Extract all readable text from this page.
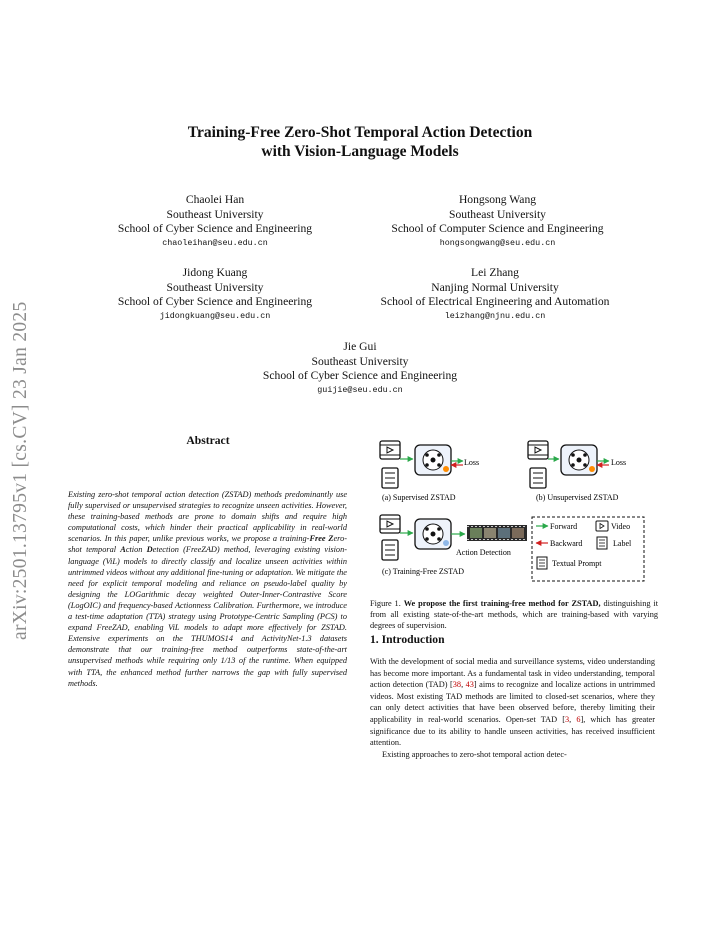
arXiv:2501.13795v1 [cs.CV] 23 Jan 2025
Training-Free Zero-Shot Temporal Action Detection
with Vision-Language Models
Chaolei Han
Southeast University
School of Cyber Science and Engineering
chaoleihan@seu.edu.cn
Hongsong Wang
Southeast University
School of Computer Science and Engineering
hongsongwang@seu.edu.cn
Jidong Kuang
Southeast University
School of Cyber Science and Engineering
jidongkuang@seu.edu.cn
Lei Zhang
Nanjing Normal University
School of Electrical Engineering and Automation
leizhang@njnu.edu.cn
Jie Gui
Southeast University
School of Cyber Science and Engineering
guijie@seu.edu.cn
Abstract
Existing zero-shot temporal action detection (ZSTAD) methods predominantly use fully supervised or unsupervised strategies to recognize unseen activities. However, these training-based methods are prone to domain shifts and require high computational costs, which hinder their practical applicability in real-world scenarios. In this paper, unlike previous works, we propose a training-Free Zero-shot temporal Action Detection (FreeZAD) method, leveraging existing vision-language (ViL) models to directly classify and localize unseen activities within untrimmed videos without any additional fine-tuning or adaptation. We mitigate the need for explicit temporal modeling and reliance on pseudo-label quality by designing the LOGarithmic decay weighted Outer-Inner-Contrastive Score (LogOIC) and frequency-based Actionness Calibration. Furthermore, we introduce a test-time adaptation (TTA) strategy using Prototype-Centric Sampling (PCS) to expand FreeZAD, enabling ViL models to adapt more effectively for ZSTAD. Extensive experiments on the THUMOS14 and ActivityNet-1.3 datasets demonstrate that our training-free method outperforms state-of-the-art unsupervised methods while requiring only 1/13 of the runtime. When equipped with TTA, the enhanced method further narrows the gap with fully supervised methods.
Loss
(a) Supervised ZSTAD
Loss
(b) Unsupervised ZSTAD
Action Detection
(c) Training-Free ZSTAD
Forward
Backward
Video
Label
Textual Prompt
Figure 1. We propose the first training-free method for ZSTAD, distinguishing it from all existing state-of-the-art methods, which are training-based with varying degrees of supervision.
1. Introduction
With the development of social media and surveillance systems, video understanding has become more important. As a fundamental task in video understanding, temporal action detection (TAD) [38, 43] aims to recognize and localize actions in untrimmed videos. Most existing TAD methods are limited to closed-set scenarios, where they can only detect activities that have been observed before, thereby limiting their applicability in real-world scenarios. Open-set TAD [3, 6], which has greater significance due to its ability to handle unseen activities, has received insufficient attention.
Existing approaches to zero-shot temporal action detec-
